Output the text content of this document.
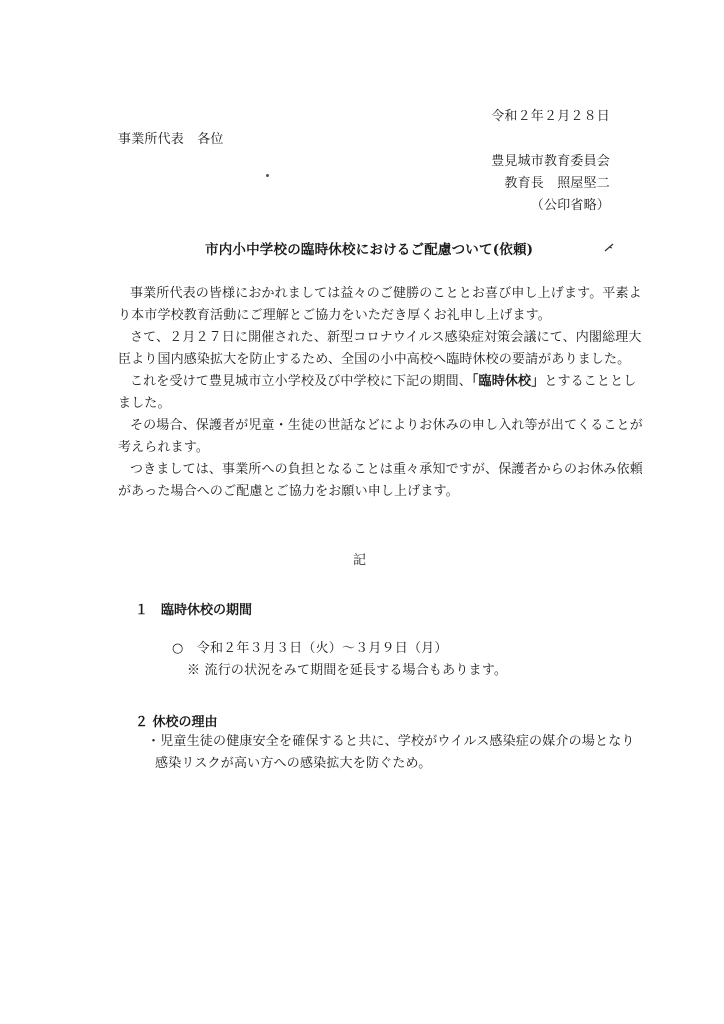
令和２年２月２８日
事業所代表　各位
豊見城市教育委員会
教育長　照屋堅二
（公印省略）
市内小中学校の臨時休校におけるご配慮ついて(依頼)
事業所代表の皆様におかれましては益々のご健勝のこととお喜び申し上げます。平素よ
り本市学校教育活動にご理解とご協力をいただき厚くお礼申し上げます。
さて、２月２７日に開催された、新型コロナウイルス感染症対策会議にて、内閣総理大
臣より国内感染拡大を防止するため、全国の小中高校へ臨時休校の要請がありました。
これを受けて豊見城市立小学校及び中学校に下記の期間、「臨時休校」とすることとし
ました。
その場合、保護者が児童・生徒の世話などによりお休みの申し入れ等が出てくることが
考えられます。
つきましては、事業所への負担となることは重々承知ですが、保護者からのお休み依頼
があった場合へのご配慮とご協力をお願い申し上げます。
記
１　臨時休校の期間
○　令和２年３月３日（火）～３月９日（月）
※ 流行の状況をみて期間を延長する場合もあります。
２ 休校の理由
・児童生徒の健康安全を確保すると共に、学校がウイルス感染症の媒介の場となり
感染リスクが高い方への感染拡大を防ぐため。
